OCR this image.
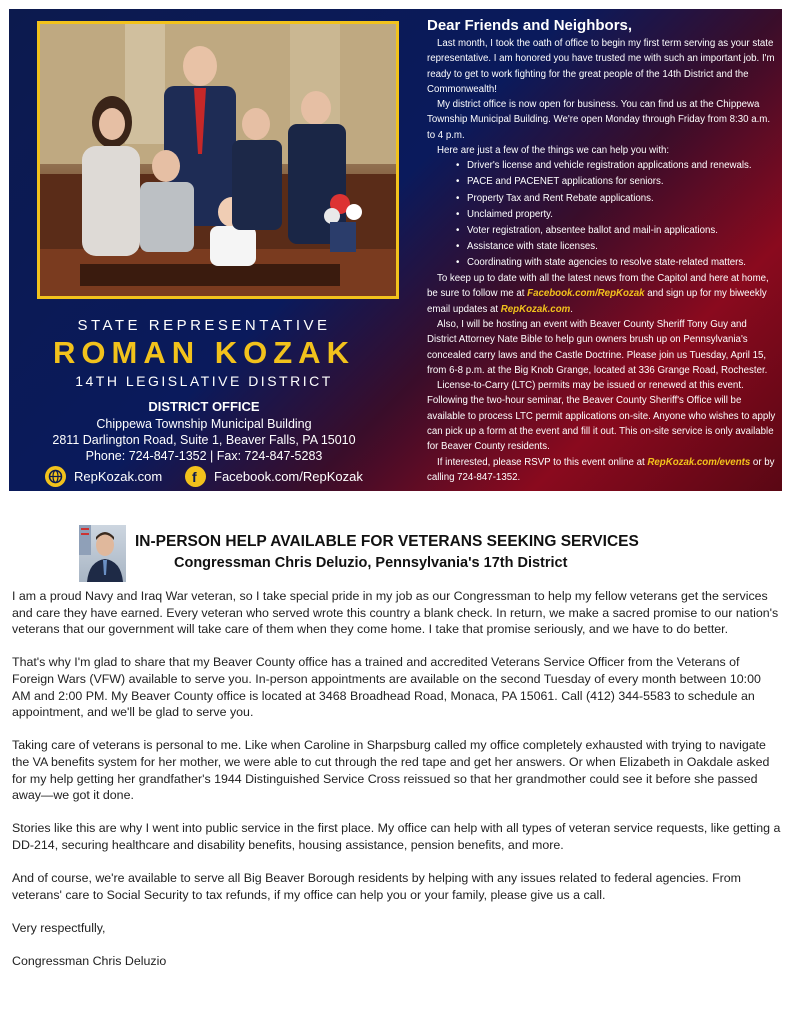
STATE REPRESENTATIVE
ROMAN KOZAK
14TH LEGISLATIVE DISTRICT
DISTRICT OFFICE
Chippewa Township Municipal Building
2811 Darlington Road, Suite 1, Beaver Falls, PA 15010
Phone: 724-847-1352 | Fax: 724-847-5283
RepKozak.com f Facebook.com/RepKozak
Dear Friends and Neighbors,

Last month, I took the oath of office to begin my first term serving as your state representative. I am honored you have trusted me with such an important job. I'm ready to get to work fighting for the great people of the 14th District and the Commonwealth!

My district office is now open for business. You can find us at the Chippewa Township Municipal Building. We're open Monday through Friday from 8:30 a.m. to 4 p.m.

Here are just a few of the things we can help you with:

• Driver's license and vehicle registration applications and renewals.
• PACE and PACENET applications for seniors.
• Property Tax and Rent Rebate applications.
• Unclaimed property.
• Voter registration, absentee ballot and mail-in applications.
• Assistance with state licenses.
• Coordinating with state agencies to resolve state-related matters.

To keep up to date with all the latest news from the Capitol and here at home, be sure to follow me at Facebook.com/RepKozak and sign up for my biweekly email updates at RepKozak.com.

Also, I will be hosting an event with Beaver County Sheriff Tony Guy and District Attorney Nate Bible to help gun owners brush up on Pennsylvania's concealed carry laws and the Castle Doctrine. Please join us Tuesday, April 15, from 6-8 p.m. at the Big Knob Grange, located at 336 Grange Road, Rochester.

License-to-Carry (LTC) permits may be issued or renewed at this event. Following the two-hour seminar, the Beaver County Sheriff's Office will be available to process LTC permit applications on-site. Anyone who wishes to apply can pick up a form at the event and fill it out. This on-site service is only available for Beaver County residents.

If interested, please RSVP to this event online at RepKozak.com/events or by calling 724-847-1352.

IN-PERSON HELP AVAILABLE FOR VETERANS SEEKING SERVICES
Congressman Chris Deluzio, Pennsylvania's 17th District

I am a proud Navy and Iraq War veteran, so I take special pride in my job as our Congressman to help my fellow veterans get the services and care they have earned. Every veteran who served wrote this country a blank check. In return, we make a sacred promise to our nation's veterans that our government will take care of them when they come home. I take that promise seriously, and we have to do better.

That's why I'm glad to share that my Beaver County office has a trained and accredited Veterans Service Officer from the Veterans of Foreign Wars (VFW) available to serve you. In-person appointments are available on the second Tuesday of every month between 10:00 AM and 2:00 PM. My Beaver County office is located at 3468 Broadhead Road, Monaca, PA 15061. Call (412) 344-5583 to schedule an appointment, and we'll be glad to serve you.

Taking care of veterans is personal to me. Like when Caroline in Sharpsburg called my office completely exhausted with trying to navigate the VA benefits system for her mother, we were able to cut through the red tape and get her answers. Or when Elizabeth in Oakdale asked for my help getting her grandfather's 1944 Distinguished Service Cross reissued so that her grandmother could see it before she passed away—we got it done.

Stories like this are why I went into public service in the first place. My office can help with all types of veteran service requests, like getting a DD-214, securing healthcare and disability benefits, housing assistance, pension benefits, and more.

And of course, we're available to serve all Big Beaver Borough residents by helping with any issues related to federal agencies. From veterans' care to Social Security to tax refunds, if my office can help you or your family, please give us a call.

Very respectfully,

Congressman Chris Deluzio
